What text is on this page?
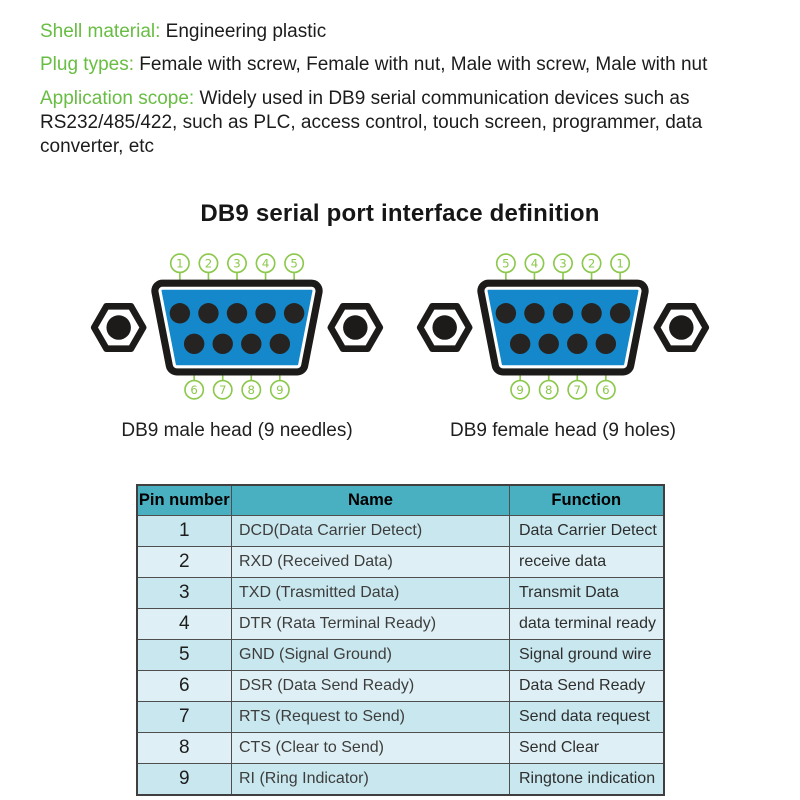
Shell material: Engineering plastic
Plug types: Female with screw, Female with nut, Male with screw, Male with nut
Application scope: Widely used in DB9 serial communication devices such as RS232/485/422, such as PLC, access control, touch screen, programmer, data converter, etc
DB9 serial port interface definition
1 2 3 4 5
6 7 8 9
DB9 male head (9 needles)
5 4 3 2 1
9 8 7 6
DB9 female head (9 holes)
Pin number	Name	Function
1	DCD(Data Carrier Detect)	Data Carrier Detect
2	RXD (Received Data)	receive data
3	TXD (Trasmitted Data)	Transmit Data
4	DTR (Rata Terminal Ready)	data terminal ready
5	GND (Signal Ground)	Signal ground wire
6	DSR (Data Send Ready)	Data Send Ready
7	RTS (Request to Send)	Send data request
8	CTS (Clear to Send)	Send Clear
9	RI (Ring Indicator)	Ringtone indication
